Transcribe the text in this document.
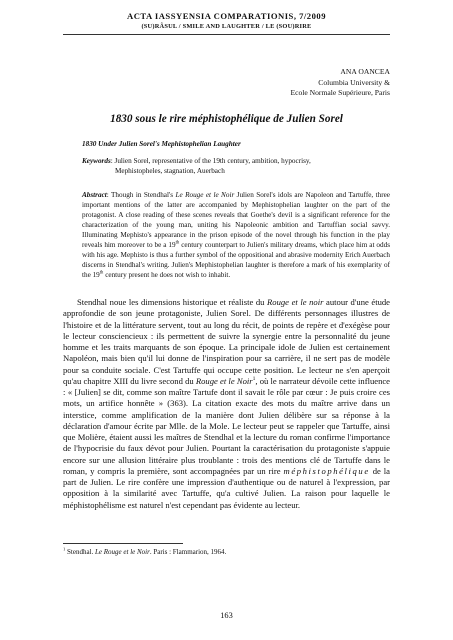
ACTA IASSYENSIA COMPARATIONIS, 7/2009
(SU)RÂSUL / SMILE AND LAUGHTER / LE (SOU)RIRE
ANA OANCEA
Columbia University &
Ecole Normale Supérieure, Paris
1830 sous le rire méphistophélique de Julien Sorel
1830 Under Julien Sorel's Mephistophelian Laughter
Keywords: Julien Sorel, representative of the 19th century, ambition, hypocrisy,
Mephistopheles, stagnation, Auerbach
Abstract: Though in Stendhal's Le Rouge et le Noir Julien Sorel's idols are Napoleon and Tartuffe, three important mentions of the latter are accompanied by Mephistophelian laughter on the part of the protagonist. A close reading of these scenes reveals that Goethe's devil is a significant reference for the characterization of the young man, uniting his Napoleonic ambition and Tartuffian social savvy. Illuminating Mephisto's appearance in the prison episode of the novel through his function in the play reveals him moreover to be a 19th century counterpart to Julien's military dreams, which place him at odds with his age. Mephisto is thus a further symbol of the oppositional and abrasive modernity Erich Auerbach discerns in Stendhal's writing. Julien's Mephistophelian laughter is therefore a mark of his exemplarity of the 19th century present he does not wish to inhabit.

Stendhal noue les dimensions historique et réaliste du Rouge et le noir autour d'une étude approfondie de son jeune protagoniste, Julien Sorel. De différents personnages illustres de l'histoire et de la littérature servent, tout au long du récit, de points de repère et d'exégèse pour le lecteur consciencieux : ils permettent de suivre la synergie entre la personnalité du jeune homme et les traits marquants de son époque. La principale idole de Julien est certainement Napoléon, mais bien qu'il lui donne de l'inspiration pour sa carrière, il ne sert pas de modèle pour sa conduite sociale. C'est Tartuffe qui occupe cette position. Le lecteur ne s'en aperçoit qu'au chapitre XIII du livre second du Rouge et le Noir$^1$, où le narrateur dévoile cette influence : « [Julien] se dit, comme son maître Tartufe dont il savait le rôle par cœur : Je puis croire ces mots, un artifice honnête » (363). La citation exacte des mots du maître arrive dans un interstice, comme amplification de la manière dont Julien délibère sur sa réponse à la déclaration d'amour écrite par Mlle. de la Mole. Le lecteur peut se rappeler que Tartuffe, ainsi que Molière, étaient aussi les maîtres de Stendhal et la lecture du roman confirme l'importance de l'hypocrisie du faux dévot pour Julien. Pourtant la caractérisation du protagoniste s'appuie encore sur une allusion littéraire plus troublante : trois des mentions clé de Tartuffe dans le roman, y compris la première, sont accompagnées par un rire méphistophélique de la part de Julien. Le rire confère une impression d'authentique ou de naturel à l'expression, par opposition à la similarité avec Tartuffe, qu'a cultivé Julien. La raison pour laquelle le méphistophélisme est naturel n'est cependant pas évidente au lecteur.

$^1$ Stendhal. Le Rouge et le Noir. Paris : Flammarion, 1964.
163
